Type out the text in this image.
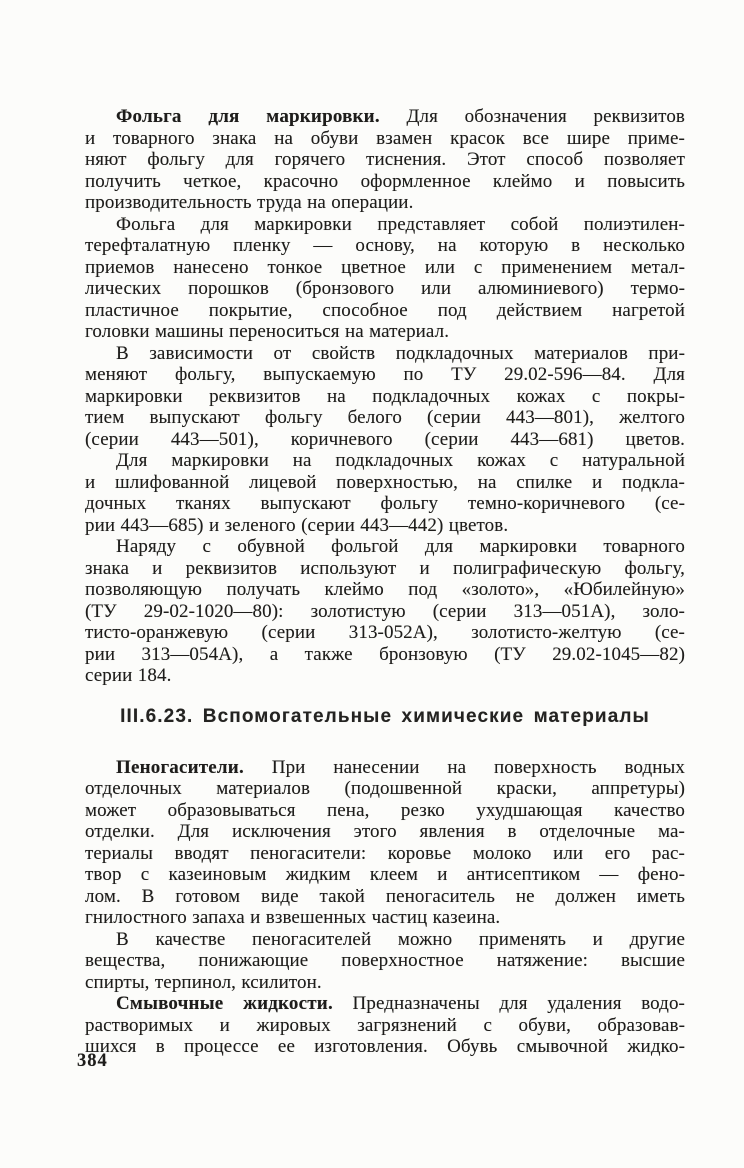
Фольга для маркировки. Для обозначения реквизитов
и товарного знака на обуви взамен красок все шире приме-
няют фольгу для горячего тиснения. Этот способ позволяет
получить четкое, красочно оформленное клеймо и повысить
производительность труда на операции.
Фольга для маркировки представляет собой полиэтилен-
терефталатную пленку — основу, на которую в несколько
приемов нанесено тонкое цветное или с применением метал-
лических порошков (бронзового или алюминиевого) термо-
пластичное покрытие, способное под действием нагретой
головки машины переноситься на материал.
В зависимости от свойств подкладочных материалов при-
меняют фольгу, выпускаемую по ТУ 29.02-596—84. Для
маркировки реквизитов на подкладочных кожах с покры-
тием выпускают фольгу белого (серии 443—801), желтого
(серии 443—501), коричневого (серии 443—681) цветов.
Для маркировки на подкладочных кожах с натуральной
и шлифованной лицевой поверхностью, на спилке и подкла-
дочных тканях выпускают фольгу темно-коричневого (се-
рии 443—685) и зеленого (серии 443—442) цветов.
Наряду с обувной фольгой для маркировки товарного
знака и реквизитов используют и полиграфическую фольгу,
позволяющую получать клеймо под «золото», «Юбилейную»
(ТУ 29-02-1020—80): золотистую (серии 313—051А), золо-
тисто-оранжевую (серии 313-052А), золотисто-желтую (се-
рии 313—054А), а также бронзовую (ТУ 29.02-1045—82)
серии 184.
III.6.23. Вспомогательные химические материалы
Пеногасители. При нанесении на поверхность водных
отделочных материалов (подошвенной краски, аппретуры)
может образовываться пена, резко ухудшающая качество
отделки. Для исключения этого явления в отделочные ма-
териалы вводят пеногасители: коровье молоко или его рас-
твор с казеиновым жидким клеем и антисептиком — фено-
лом. В готовом виде такой пеногаситель не должен иметь
гнилостного запаха и взвешенных частиц казеина.
В качестве пеногасителей можно применять и другие
вещества, понижающие поверхностное натяжение: высшие
спирты, терпинол, ксилитон.
Смывочные жидкости. Предназначены для удаления водо-
растворимых и жировых загрязнений с обуви, образовав-
шихся в процессе ее изготовления. Обувь смывочной жидко-
384
